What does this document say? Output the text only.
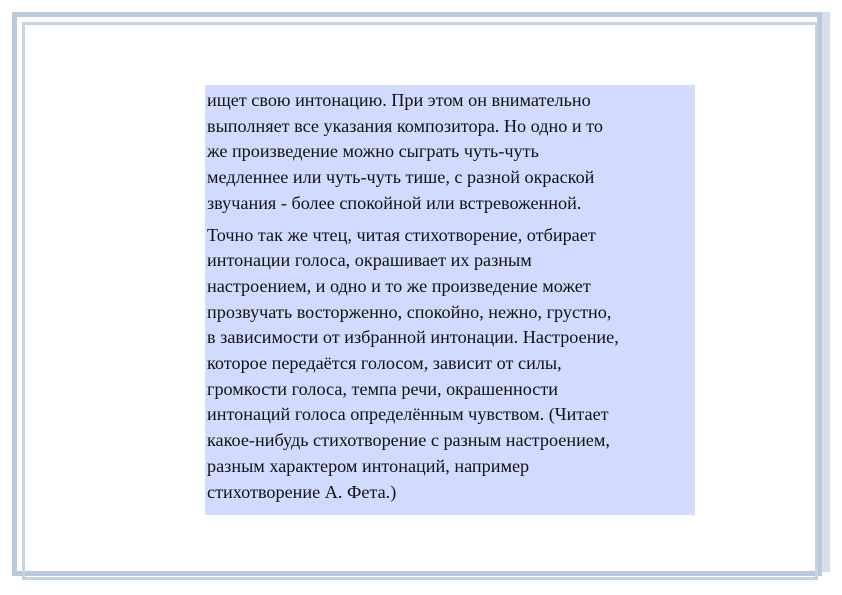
ищет свою интонацию. При этом он внимательно
выполняет все указания композитора. Но одно и то
же произведение можно сыграть чуть-чуть
медленнее или чуть-чуть тише, с разной окраской
звучания - более спокойной или встревоженной.

Точно так же чтец, читая стихотворение, отбирает
интонации голоса, окрашивает их разным
настроением, и одно и то же произведение может
прозвучать восторженно, спокойно, нежно, грустно,
в зависимости от избранной интонации. Настроение,
которое передаётся голосом, зависит от силы,
громкости голоса, темпа речи, окрашенности
интонаций голоса определённым чувством. (Читает
какое-нибудь стихотворение с разным настроением,
разным характером интонаций, например
стихотворение А. Фета.)
